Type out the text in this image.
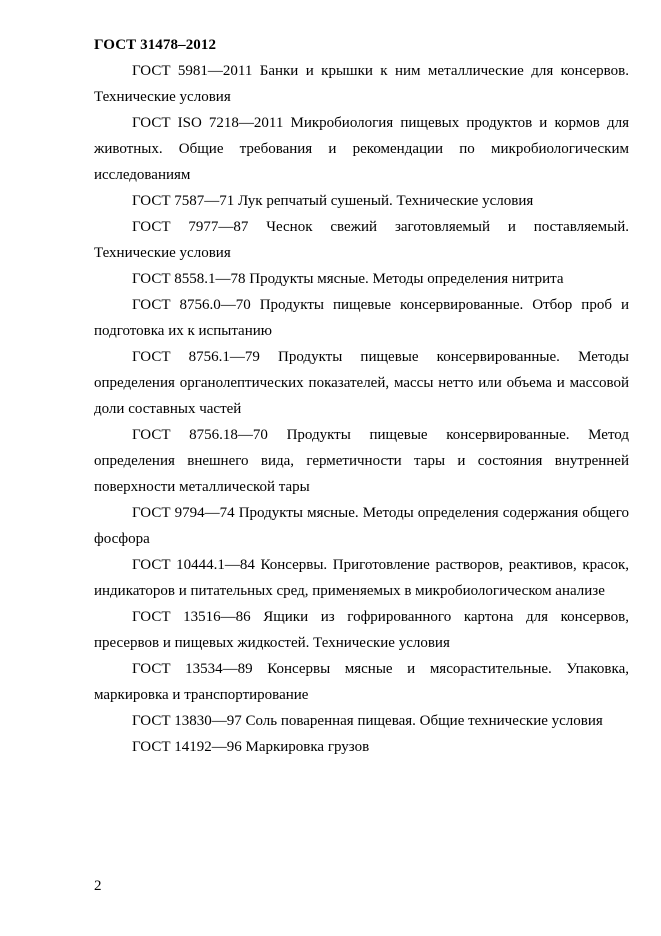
ГОСТ 31478–2012

ГОСТ 5981—2011 Банки и крышки к ним металлические для консервов. Технические условия

ГОСТ ISO 7218—2011 Микробиология пищевых продуктов и кормов для животных. Общие требования и рекомендации по микробиологическим исследованиям

ГОСТ 7587—71 Лук репчатый сушеный. Технические условия

ГОСТ 7977—87 Чеснок свежий заготовляемый и поставляемый. Технические условия

ГОСТ 8558.1—78 Продукты мясные. Методы определения нитрита

ГОСТ 8756.0—70 Продукты пищевые консервированные. Отбор проб и подготовка их к испытанию

ГОСТ 8756.1—79 Продукты пищевые консервированные. Методы определения органолептических показателей, массы нетто или объема и массовой доли составных частей

ГОСТ 8756.18—70 Продукты пищевые консервированные. Метод определения внешнего вида, герметичности тары и состояния внутренней поверхности металлической тары

ГОСТ 9794—74 Продукты мясные. Методы определения содержания общего фосфора

ГОСТ 10444.1—84 Консервы. Приготовление растворов, реактивов, красок, индикаторов и питательных сред, применяемых в микробиологическом анализе

ГОСТ 13516—86 Ящики из гофрированного картона для консервов, пресервов и пищевых жидкостей. Технические условия

ГОСТ 13534—89 Консервы мясные и мясорастительные. Упаковка, маркировка и транспортирование

ГОСТ 13830—97 Соль поваренная пищевая. Общие технические условия

ГОСТ 14192—96 Маркировка грузов

2
